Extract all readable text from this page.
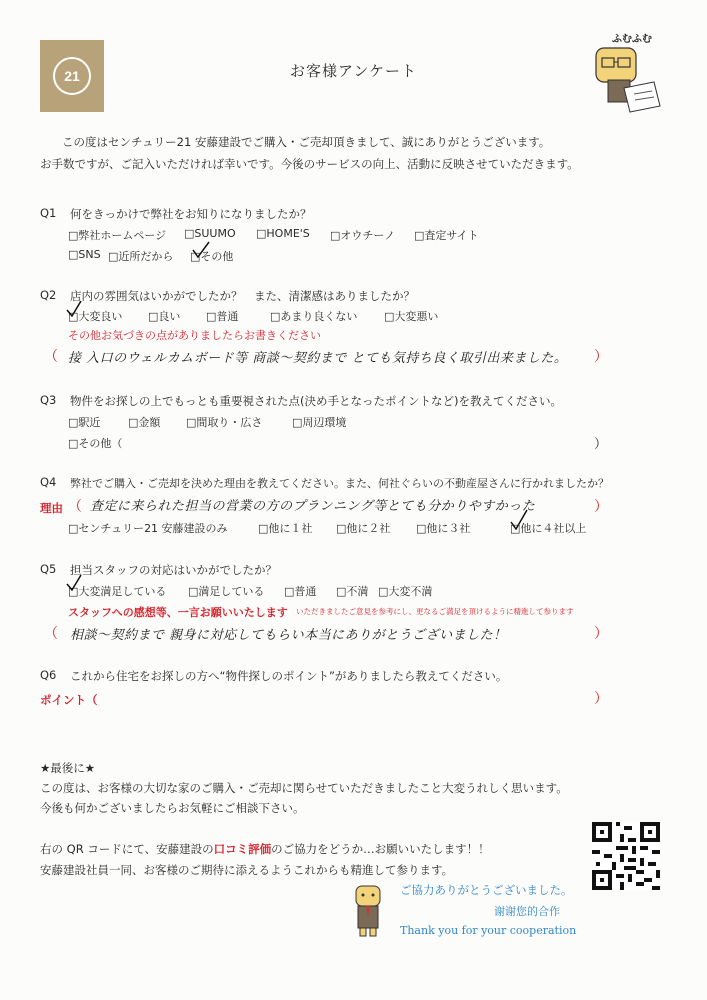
21	お客様アンケート
ふむふむ
この度はセンチュリー21 安藤建設でご購入・ご売却頂きまして、誠にありがとうございます。
お手数ですが、ご記入いただければ幸いです。今後のサービスの向上、活動に反映させていただきます。
Q1 何をきっかけで弊社をお知りになりましたか？
□弊社ホームページ □SUUMO □HOME'S □オウチーノ □査定サイト
□SNS □近所だから □その他
Q2 店内の雰囲気はいかがでしたか？　また、清潔感はありましたか？
□大変良い □良い □普通	□あまり良くない □大変悪い
その他お気づきの点がありましたらお書きください
（ 接 入口のウェルカムボード等 商談～契約まで とても気持ち良く取引出来ました。 ）
Q3 物件をお探しの上でもっとも重要視された点(決め手となったポイントなど)を教えてください。
□駅近	□金額 □間取り・広さ	□周辺環境
□その他（	）
Q4 弊社でご購入・ご売却を決めた理由を教えてください。また、何社ぐらいの不動産屋さんに行かれましたか？
理由 （ 査定に来られた担当の営業の方のプランニング等とても分かりやすかった	）
□センチュリー21 安藤建設のみ	□他に１社 □他に２社 □他に３社	□他に４社以上
Q5 担当スタッフの対応はいかがでしたか？
□大変満足している □満足している □普通 □不満 □大変不満
スタッフへの感想等、一言お願いいたします いただきましたご意見を参考にし、更なるご満足を頂けるように精進して参ります
（ 相談～契約まで 親身に対応してもらい本当にありがとうございました！	）
Q6 これから住宅をお探しの方へ“物件探しのポイント”がありましたら教えてください。
ポイント（	）
★最後に★
この度は、お客様の大切な家のご購入・ご売却に関らせていただきましたこと大変うれしく思います。
今後も何かございましたらお気軽にご相談下さい。
右の QR コードにて、安藤建設の口コミ評価のご協力をどうか…お願いいたします！！
安藤建設社員一同、お客様のご期待に添えるようこれからも精進して参ります。
ご協力ありがとうございました。
谢谢您的合作
Thank you for your cooperation
